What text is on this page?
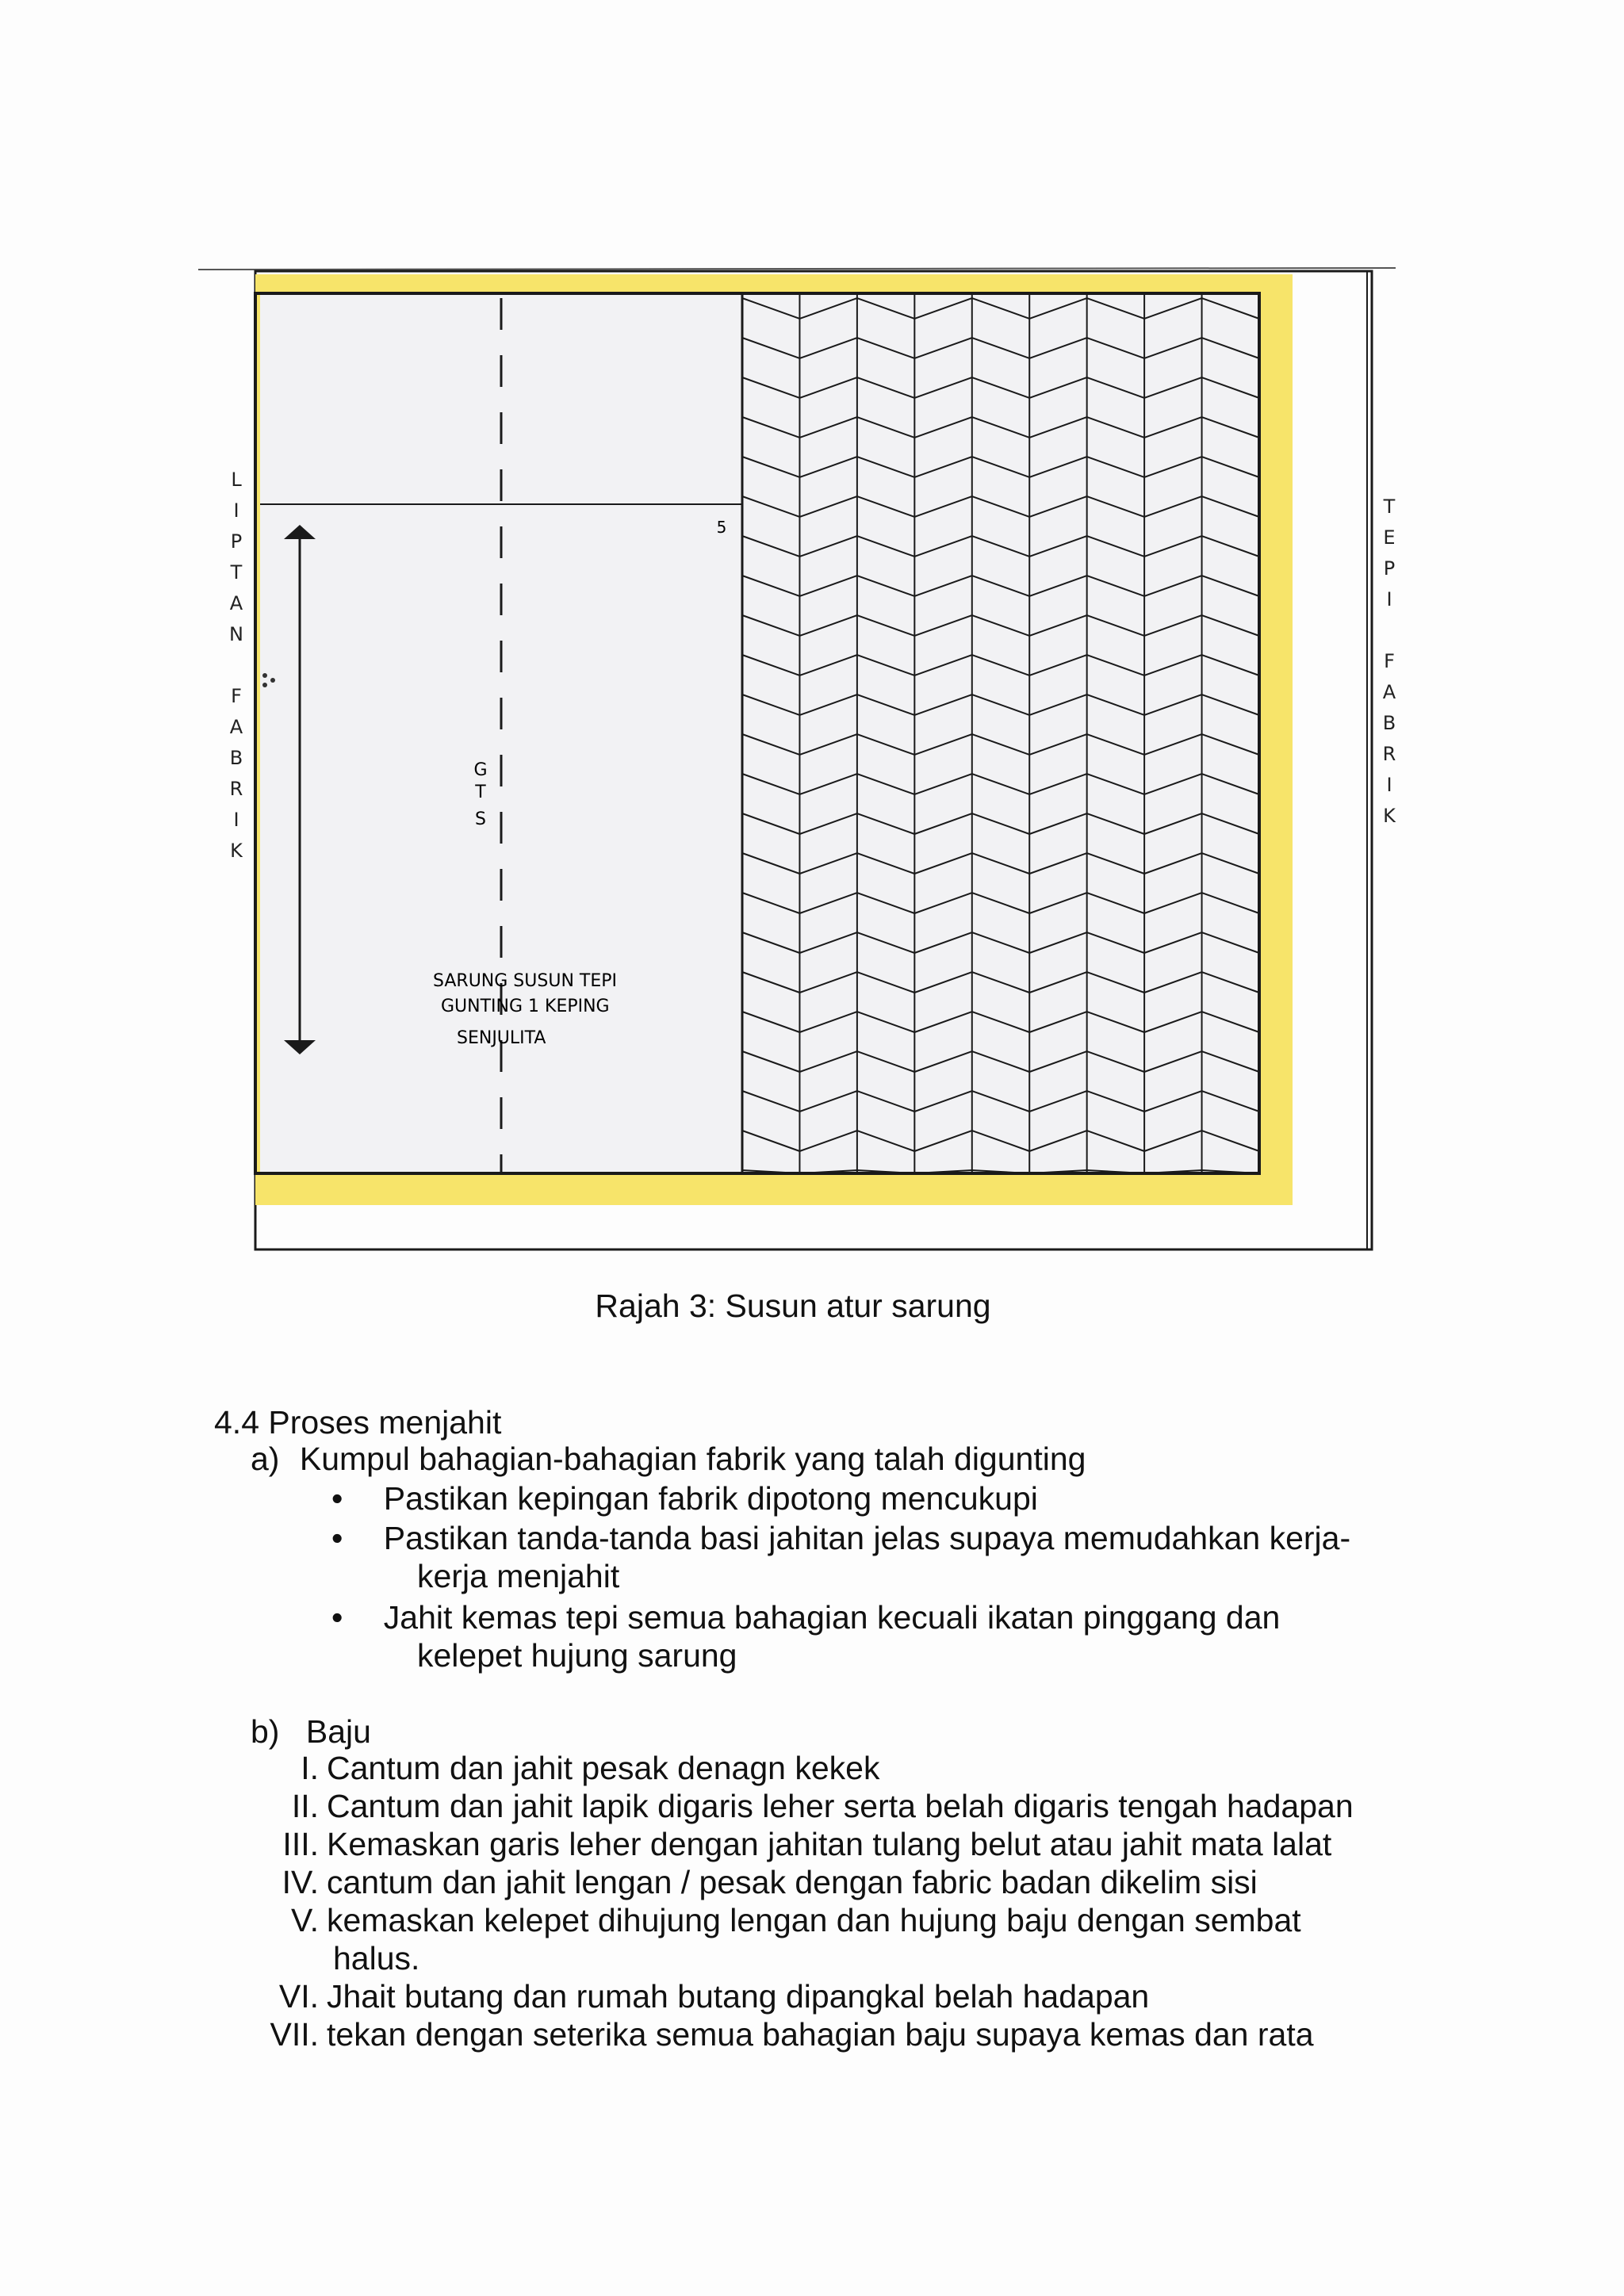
L
I
P
T
A
N
F
A
B
R
I
K
T
E
P
I
F
A
B
R
I
K
G
T
S
5
SARUNG SUSUN TEPI
GUNTING 1 KEPING
SENJULITA
Rajah 3: Susun atur sarung
4.4 Proses menjahit
a) Kumpul bahagian-bahagian fabrik yang talah digunting
• Pastikan kepingan fabrik dipotong mencukupi
• Pastikan tanda-tanda basi jahitan jelas supaya memudahkan kerja-
kerja menjahit
• Jahit kemas tepi semua bahagian kecuali ikatan pinggang dan
kelepet hujung sarung
b) Baju
I. Cantum dan jahit pesak denagn kekek
II. Cantum dan jahit lapik digaris leher serta belah digaris tengah hadapan
III. Kemaskan garis leher dengan jahitan tulang belut atau jahit mata lalat
IV. cantum dan jahit lengan / pesak dengan fabric badan dikelim sisi
V. kemaskan kelepet dihujung lengan dan hujung baju dengan sembat
halus.
VI. Jhait butang dan rumah butang dipangkal belah hadapan
VII. tekan dengan seterika semua bahagian baju supaya kemas dan rata
